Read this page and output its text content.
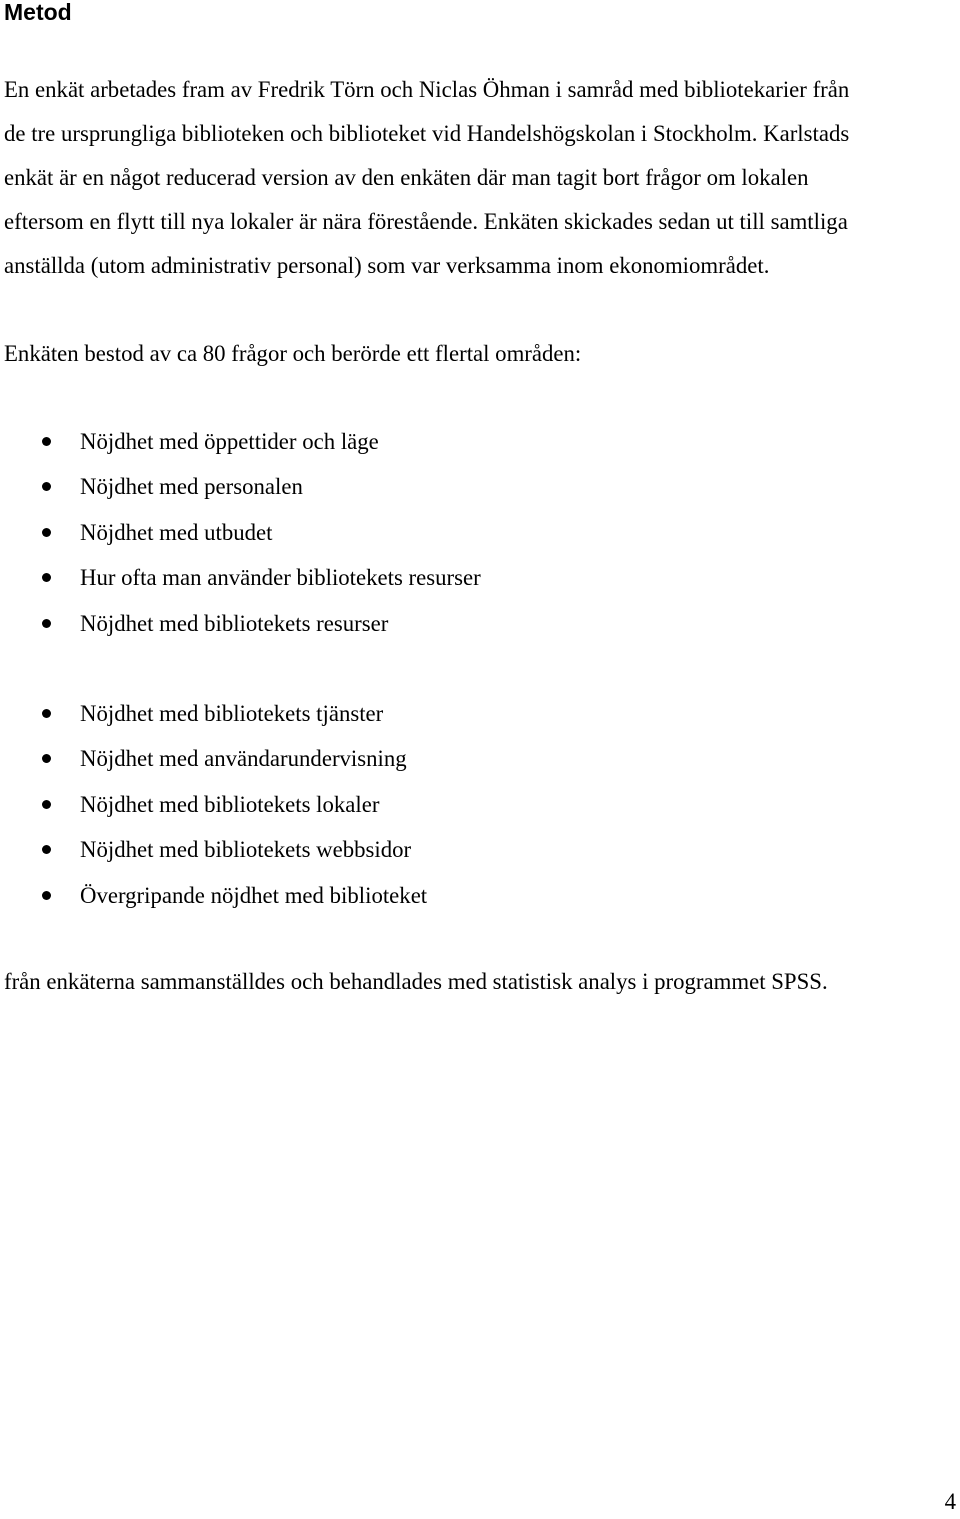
Metod

En enkät arbetades fram av Fredrik Törn och Niclas Öhman i samråd med bibliotekarier från
de tre ursprungliga biblioteken och biblioteket vid Handelshögskolan i Stockholm. Karlstads
enkät är en något reducerad version av den enkäten där man tagit bort frågor om lokalen
eftersom en flytt till nya lokaler är nära förestående. Enkäten skickades sedan ut till samtliga
anställda (utom administrativ personal) som var verksamma inom ekonomiområdet.

Enkäten bestod av ca 80 frågor och berörde ett flertal områden:

Nöjdhet med öppettider och läge
Nöjdhet med personalen
Nöjdhet med utbudet
Hur ofta man använder bibliotekets resurser
Nöjdhet med bibliotekets resurser
Nöjdhet med bibliotekets tjänster
Nöjdhet med användarundervisning
Nöjdhet med bibliotekets lokaler
Nöjdhet med bibliotekets webbsidor
Övergripande nöjdhet med biblioteket

från enkäterna sammanställdes och behandlades med statistisk analys i programmet SPSS.

4
